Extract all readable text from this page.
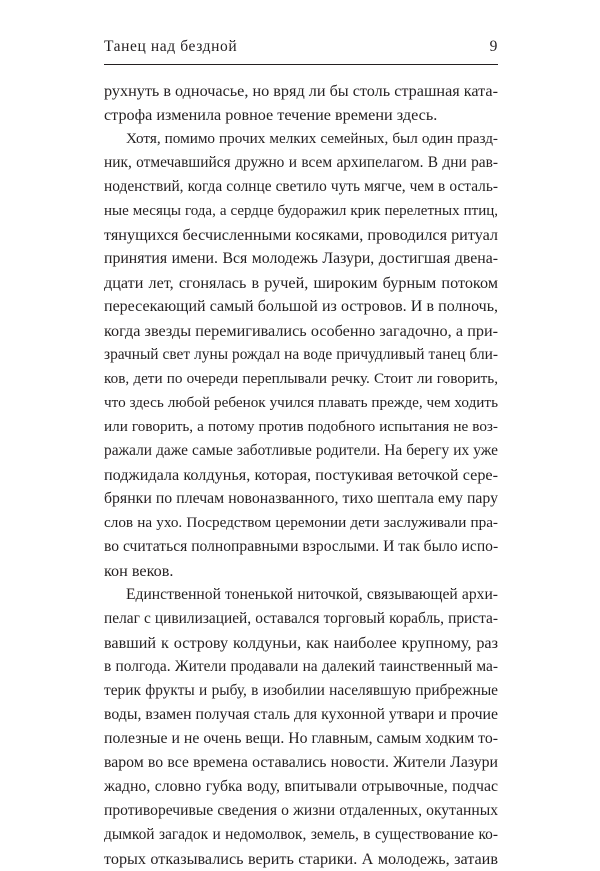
Танец над бездной	9
рухнуть в одночасье, но вряд ли бы столь страшная ката-
строфа изменила ровное течение времени здесь.
Хотя, помимо прочих мелких семейных, был один празд-
ник, отмечавшийся дружно и всем архипелагом. В дни рав-
ноденствий, когда солнце светило чуть мягче, чем в осталь-
ные месяцы года, а сердце будоражил крик перелетных птиц,
тянущихся бесчисленными косяками, проводился ритуал
принятия имени. Вся молодежь Лазури, достигшая двена-
дцати лет, сгонялась в ручей, широким бурным потоком
пересекающий самый большой из островов. И в полночь,
когда звезды перемигивались особенно загадочно, а при-
зрачный свет луны рождал на воде причудливый танец бли-
ков, дети по очереди переплывали речку. Стоит ли говорить,
что здесь любой ребенок учился плавать прежде, чем ходить
или говорить, а потому против подобного испытания не воз-
ражали даже самые заботливые родители. На берегу их уже
поджидала колдунья, которая, постукивая веточкой сере-
брянки по плечам новоназванного, тихо шептала ему пару
слов на ухо. Посредством церемонии дети заслуживали пра-
во считаться полноправными взрослыми. И так было испо-
кон веков.
Единственной тоненькой ниточкой, связывающей архи-
пелаг с цивилизацией, оставался торговый корабль, приста-
вавший к острову колдуньи, как наиболее крупному, раз
в полгода. Жители продавали на далекий таинственный ма-
терик фрукты и рыбу, в изобилии населявшую прибрежные
воды, взамен получая сталь для кухонной утвари и прочие
полезные и не очень вещи. Но главным, самым ходким то-
варом во все времена оставались новости. Жители Лазури
жадно, словно губка воду, впитывали отрывочные, подчас
противоречивые сведения о жизни отдаленных, окутанных
дымкой загадок и недомолвок, земель, в существование ко-
торых отказывались верить старики. А молодежь, затаив
